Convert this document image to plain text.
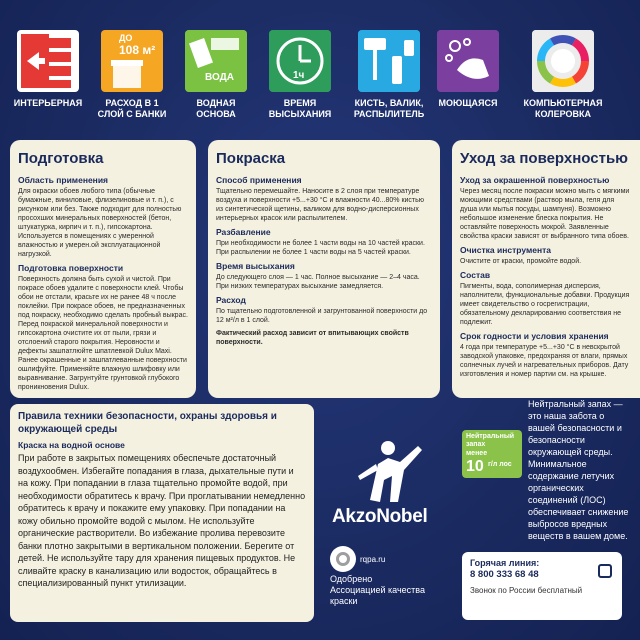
ИНТЕРЬЕРНАЯ
ДО
108 м²
РАСХОД В 1 СЛОЙ С БАНКИ
ВОДА
ВОДНАЯ ОСНОВА
1ч
ВРЕМЯ ВЫСЫХАНИЯ
КИСТЬ, ВАЛИК, РАСПЫЛИТЕЛЬ
МОЮЩАЯСЯ	КОМПЬЮТЕРНАЯ КОЛЕРОВКА
Подготовка
Область применения
Для окраски обоев любого типа (обычные бумажные, виниловые, флизелиновые и т. п.), с рисунком или без. Также подходит для полностью просохших минеральных поверхностей (бетон, штукатурка, кирпич и т. п.), гипсокартона. Используется в помещениях с умеренной влажностью и умерен.ой эксплуатационной нагрузкой.
Подготовка поверхности
Поверхность должна быть сухой и чистой. При покрасе обоев удалите с поверхности клей. Чтобы обои не отстали, красьте их не ранее 48 ч после поклейки. При покрасе обоев, не предназначенных под покраску, необходимо сделать пробный выкрас. Перед покраской минеральной поверхности и гипсокартона очистите их от пыли, грязи и отслоений старого покрытия. Неровности и дефекты зашпатлюйте шпатлевкой Dulux Maxi. Ранее окрашенные и зашпатлеванные поверхности ошлифуйте. Применяйте влажную шлифовку или выравнивание. Загрунтуйте грунтовкой глубокого проникновения Dulux.
Покраска
Способ применения
Тщательно перемешайте. Наносите в 2 слоя при температуре воздуха и поверхности +5...+30 °С и влажности 40...80% кистью из синтетической щетины, валиком для водно-дисперсионных интерьерных красок или распылителем.
Разбавление
При необходимости не более 1 части воды на 10 частей краски. При распылении не более 1 части воды на 5 частей краски.
Время высыхания
До следующего слоя — 1 час. Полное высыхание — 2–4 часа. При низких температурах высыхание замедляется.
Расход
По тщательно подготовленной и загрунтованной поверхности до 12 м²/л в 1 слой.
Фактический расход зависит от впитывающих свойств поверхности.
Уход за поверхностью
Уход за окрашенной поверхностью
Через месяц после покраски можно мыть с мягкими моющими средствами (раствор мыла, геля для душа или мытья посуды, шампуня). Возможно небольшое изменение блеска покрытия. Не оставляйте поверхность мокрой. Заявленные свойства краски зависят от выбранного типа обоев.
Очистка инструмента
Очистите от краски, промойте водой.
Состав
Пигменты, вода, сополимерная дисперсия, наполнители, функциональные добавки. Продукция имеет свидетельство о госрегистрации, обязательному декларированию соответствия не подлежит.
Срок годности и условия хранения
4 года при температуре +5...+30 °С в невскрытой заводской упаковке, предохраняя от влаги, прямых солнечных лучей и нагревательных приборов. Дату изготовления и номер партии см. на крышке.
Правила техники безопасности, охраны здоровья и окружающей среды
Краска на водной основе
При работе в закрытых помещениях обеспечьте достаточный воздухообмен. Избегайте попадания в глаза, дыхательные пути и на кожу. При попадании в глаза тщательно промойте водой, при необходимости обратитесь к врачу. При проглатывании немедленно обратитесь к врачу и покажите ему упаковку. При попадании на кожу обильно промойте водой с мылом. Не используйте органические растворители. Во избежание пролива перевозите банки плотно закрытыми в вертикальном положении. Берегите от детей. Не используйте тару для хранения пищевых продуктов. Не сливайте краску в канализацию или водосток, обращайтесь в специализированный пункт утилизации.
AkzoNobel
Нейтральный запах
менее
10 г/л лос
Нейтральный запах — это наша забота о вашей безопасности и безопасности окружающей среды. Минимальное содержание летучих органических соединений (ЛОС) обеспечивает снижение выбросов вредных веществ в вашем доме.
rqpa.ru
Одобрено Ассоциацией качества краски
Горячая линия:
8 800 333 68 48
Звонок по России бесплатный
